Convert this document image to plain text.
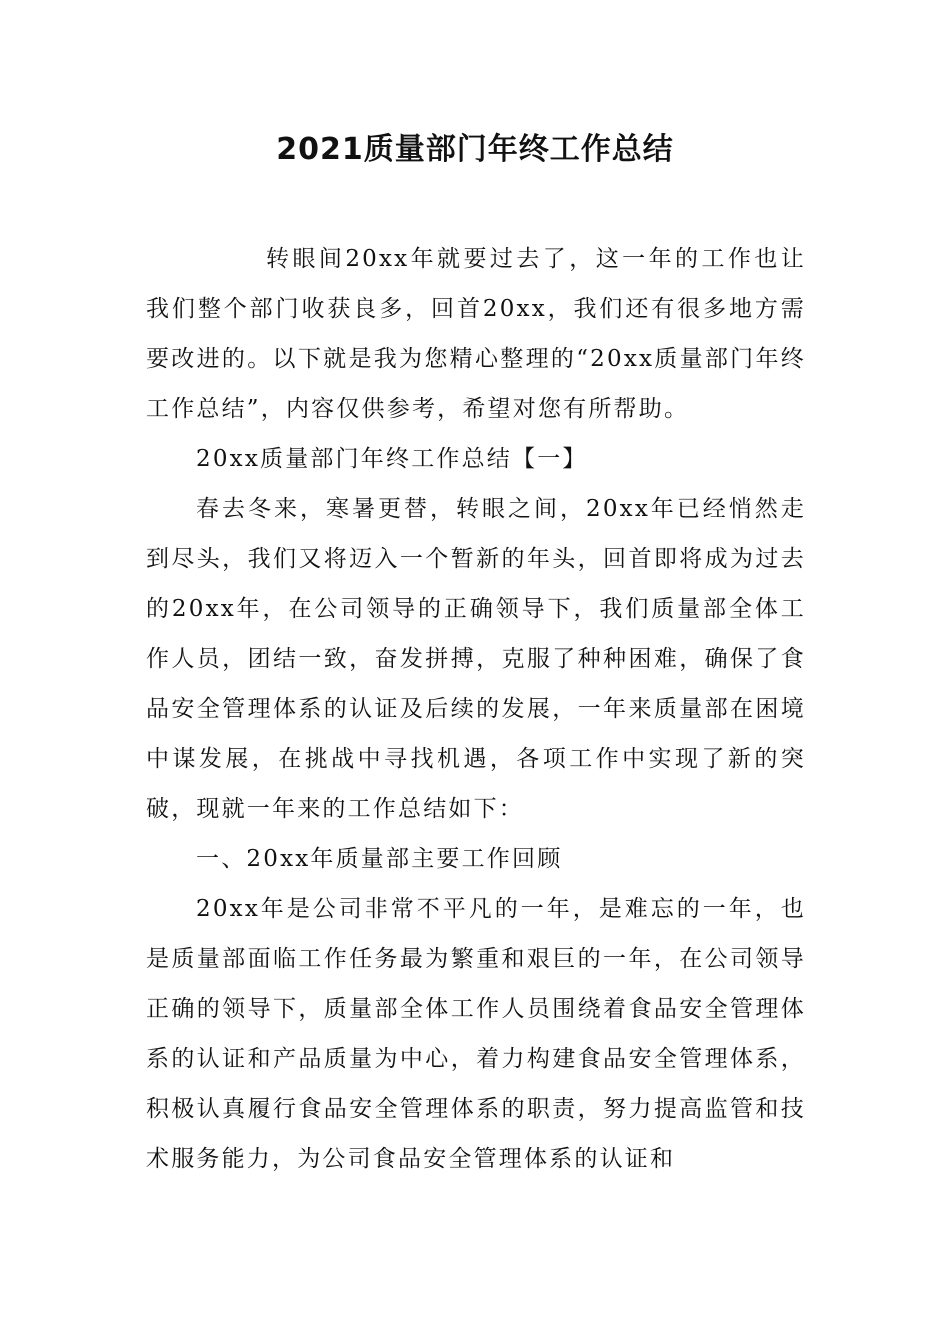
2021质量部门年终工作总结

转眼间20xx年就要过去了，这一年的工作也让我们整个部门收获良多，回首20xx，我们还有很多地方需要改进的。以下就是我为您精心整理的“20xx质量部门年终工作总结”，内容仅供参考，希望对您有所帮助。

20xx质量部门年终工作总结【一】

春去冬来，寒暑更替，转眼之间，20xx年已经悄然走到尽头，我们又将迈入一个暂新的年头，回首即将成为过去的20xx年，在公司领导的正确领导下，我们质量部全体工作人员，团结一致，奋发拼搏，克服了种种困难，确保了食品安全管理体系的认证及后续的发展，一年来质量部在困境中谋发展，在挑战中寻找机遇，各项工作中实现了新的突破，现就一年来的工作总结如下：

一、20xx年质量部主要工作回顾

20xx年是公司非常不平凡的一年，是难忘的一年，也是质量部面临工作任务最为繁重和艰巨的一年，在公司领导正确的领导下，质量部全体工作人员围绕着食品安全管理体系的认证和产品质量为中心，着力构建食品安全管理体系，积极认真履行食品安全管理体系的职责，努力提高监管和技术服务能力，为公司食品安全管理体系的认证和
